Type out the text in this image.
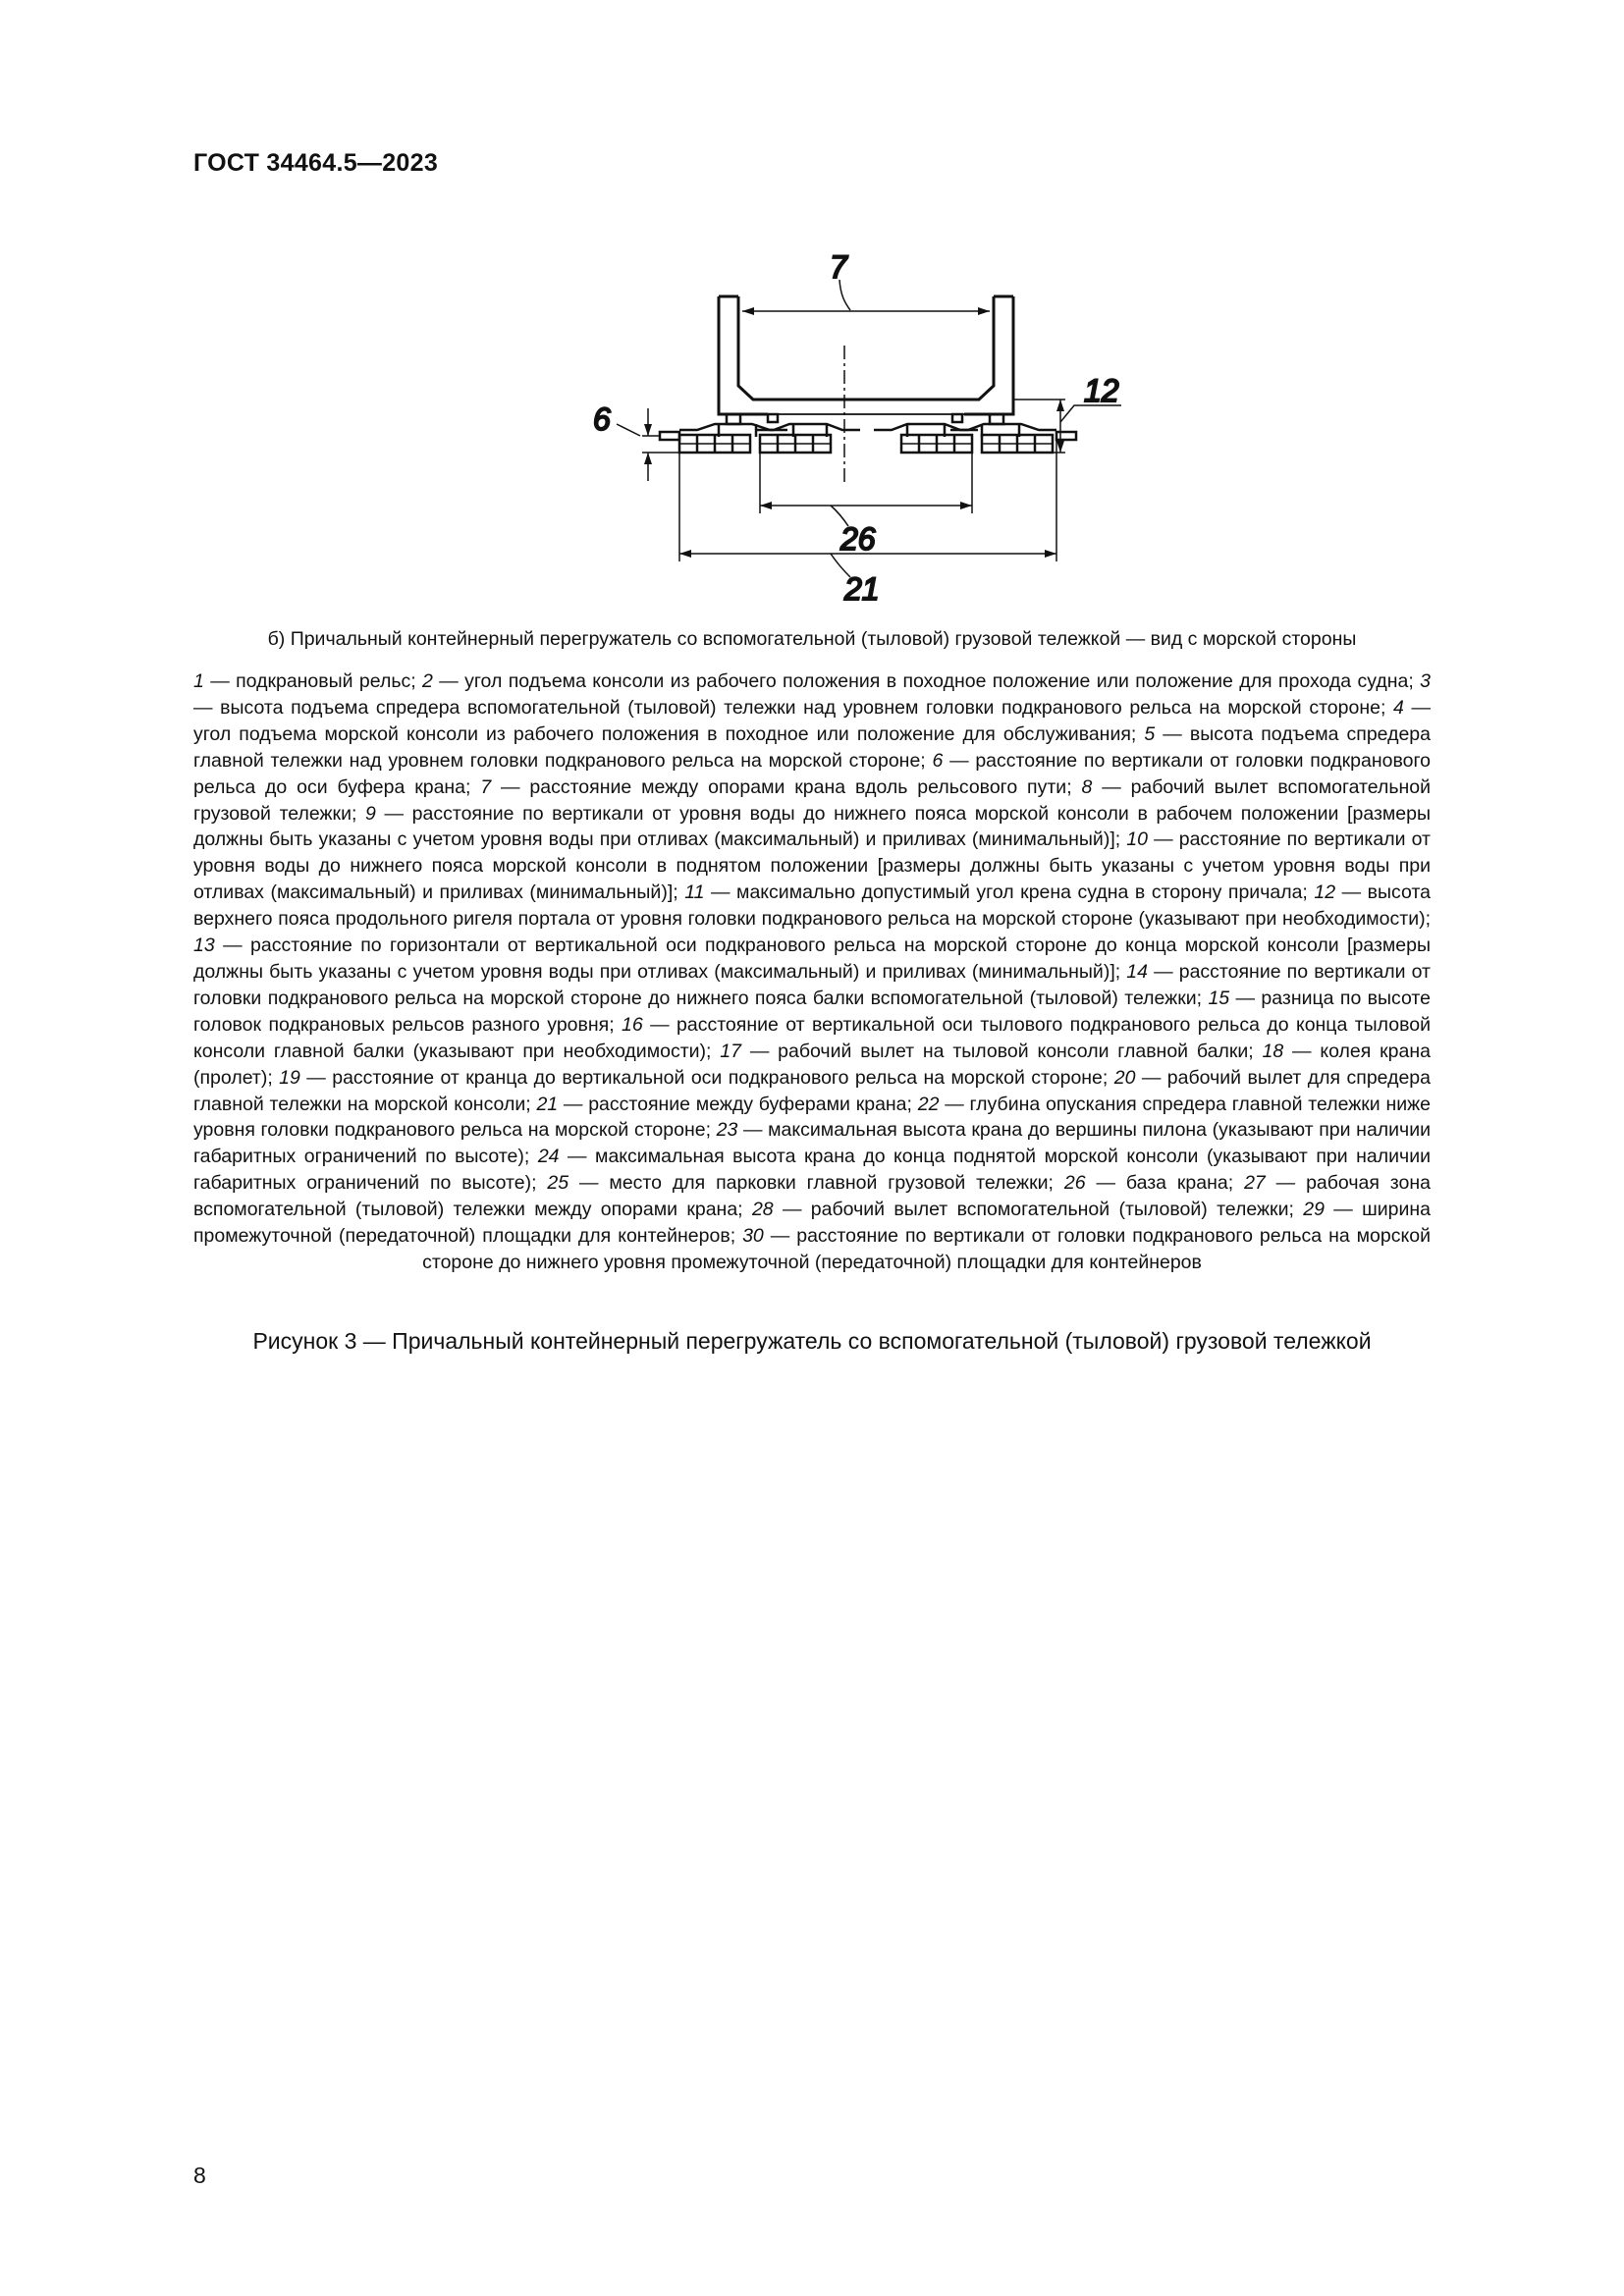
ГОСТ 34464.5—2023
7
6
12
26
21
б) Причальный контейнерный перегружатель со вспомогательной (тыловой) грузовой тележкой — вид с морской стороны
1 — подкрановый рельс; 2 — угол подъема консоли из рабочего положения в походное положение или положение для прохода судна; 3 — высота подъема спредера вспомогательной (тыловой) тележки над уровнем головки подкранового рельса на морской стороне; 4 — угол подъема морской консоли из рабочего положения в походное или положение для обслуживания; 5 — высота подъема спредера главной тележки над уровнем головки подкранового рельса на морской стороне; 6 — расстояние по вертикали от головки подкранового рельса до оси буфера крана; 7 — расстояние между опорами крана вдоль рельсового пути; 8 — рабочий вылет вспомогательной грузовой тележки; 9 — расстояние по вертикали от уровня воды до нижнего пояса морской консоли в рабочем положении [размеры должны быть указаны с учетом уровня воды при отливах (максимальный) и приливах (минимальный)]; 10 — расстояние по вертикали от уровня воды до нижнего пояса морской консоли в поднятом положении [размеры должны быть указаны с учетом уровня воды при отливах (максимальный) и приливах (минимальный)]; 11 — максимально допустимый угол крена судна в сторону причала; 12 — высота верхнего пояса продольного ригеля портала от уровня головки подкранового рельса на морской стороне (указывают при необходимости); 13 — расстояние по горизонтали от вертикальной оси подкранового рельса на морской стороне до конца морской консоли [размеры должны быть указаны с учетом уровня воды при отливах (максимальный) и приливах (минимальный)]; 14 — расстояние по вертикали от головки подкранового рельса на морской стороне до нижнего пояса балки вспомогательной (тыловой) тележки; 15 — разница по высоте головок подкрановых рельсов разного уровня; 16 — расстояние от вертикальной оси тылового подкранового рельса до конца тыловой консоли главной балки (указывают при необходимости); 17 — рабочий вылет на тыловой консоли главной балки; 18 — колея крана (пролет); 19 — расстояние от кранца до вертикальной оси подкранового рельса на морской стороне; 20 — рабочий вылет для спредера главной тележки на морской консоли; 21 — расстояние между буферами крана; 22 — глубина опускания спредера главной тележки ниже уровня головки подкранового рельса на морской стороне; 23 — максимальная высота крана до вершины пилона (указывают при наличии габаритных ограничений по высоте); 24 — максимальная высота крана до конца поднятой морской консоли (указывают при наличии габаритных ограничений по высоте); 25 — место для парковки главной грузовой тележки; 26 — база крана; 27 — рабочая зона вспомогательной (тыловой) тележки между опорами крана; 28 — рабочий вылет вспомогательной (тыловой) тележки; 29 — ширина промежуточной (передаточной) площадки для контейнеров; 30 — расстояние по вертикали от головки подкранового рельса на морской стороне до нижнего уровня промежуточной (передаточной) площадки для контейнеров
Рисунок 3 — Причальный контейнерный перегружатель со вспомогательной (тыловой) грузовой тележкой
8
